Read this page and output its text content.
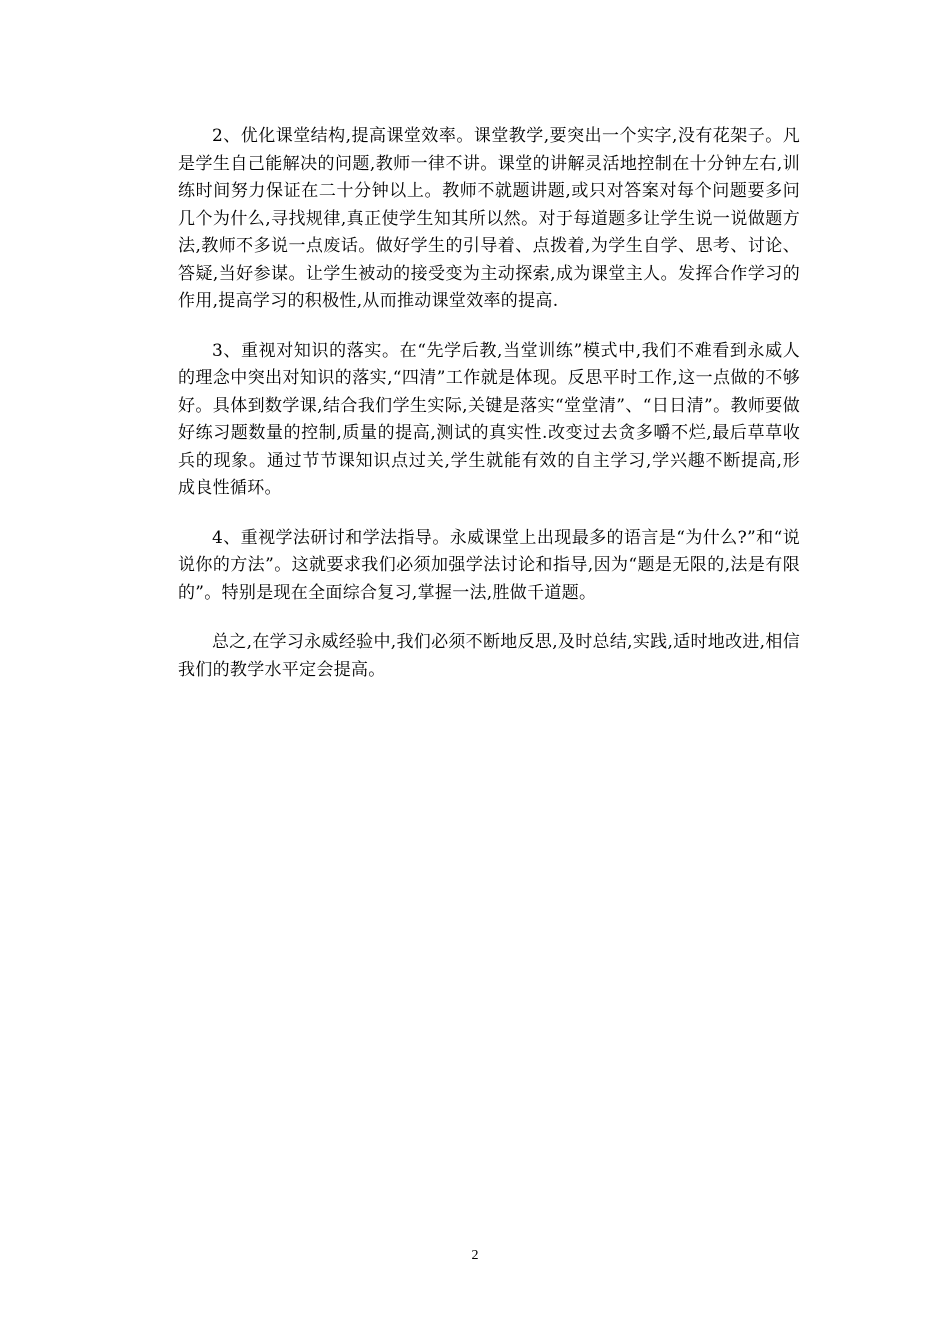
2、优化课堂结构,提高课堂效率。课堂教学,要突出一个实字,没有花架子。凡是学生自己能解决的问题,教师一律不讲。课堂的讲解灵活地控制在十分钟左右,训练时间努力保证在二十分钟以上。教师不就题讲题,或只对答案对每个问题要多问几个为什么,寻找规律,真正使学生知其所以然。对于每道题多让学生说一说做题方法,教师不多说一点废话。做好学生的引导着、点拨着,为学生自学、思考、讨论、答疑,当好参谋。让学生被动的接受变为主动探索,成为课堂主人。发挥合作学习的作用,提高学习的积极性,从而推动课堂效率的提高.

3、重视对知识的落实。在“先学后教,当堂训练”模式中,我们不难看到永威人的理念中突出对知识的落实,“四清”工作就是体现。反思平时工作,这一点做的不够好。具体到数学课,结合我们学生实际,关键是落实“堂堂清”、“日日清”。教师要做好练习题数量的控制,质量的提高,测试的真实性.改变过去贪多嚼不烂,最后草草收兵的现象。通过节节课知识点过关,学生就能有效的自主学习,学兴趣不断提高,形成良性循环。

4、重视学法研讨和学法指导。永威课堂上出现最多的语言是“为什么?”和“说说你的方法”。这就要求我们必须加强学法讨论和指导,因为“题是无限的,法是有限的”。特别是现在全面综合复习,掌握一法,胜做千道题。

总之,在学习永威经验中,我们必须不断地反思,及时总结,实践,适时地改进,相信我们的教学水平定会提高。

2
